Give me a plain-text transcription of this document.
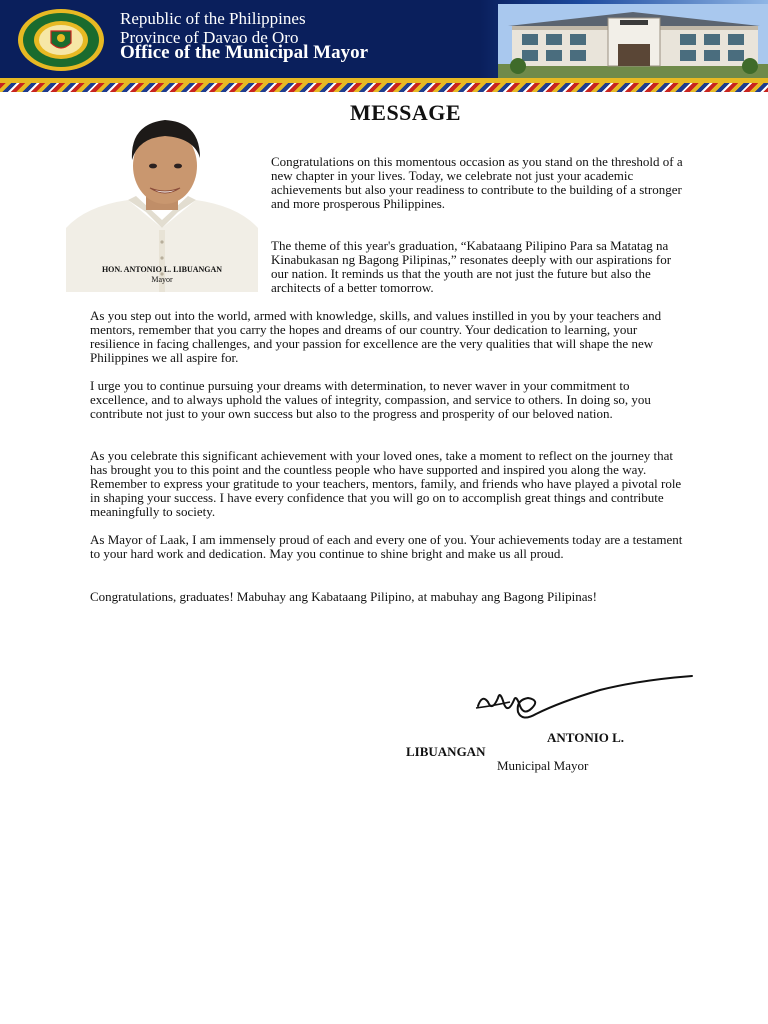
Republic of the Philippines
Province of Davao de Oro
Office of the Municipal Mayor
MESSAGE
HON. ANTONIO L. LIBUANGAN
Mayor

Congratulations on this momentous occasion as you stand on the threshold of a new chapter in your lives. Today, we celebrate not just your academic achievements but also your readiness to contribute to the building of a stronger and more prosperous Philippines.

The theme of this year's graduation, “Kabataang Pilipino Para sa Matatag na Kinabukasan ng Bagong Pilipinas,” resonates deeply with our aspirations for our nation. It reminds us that the youth are not just the future but also the architects of a better tomorrow.

As you step out into the world, armed with knowledge, skills, and values instilled in you by your teachers and mentors, remember that you carry the hopes and dreams of our country. Your dedication to learning, your resilience in facing challenges, and your passion for excellence are the very qualities that will shape the new Philippines we all aspire for.

I urge you to continue pursuing your dreams with determination, to never waver in your commitment to excellence, and to always uphold the values of integrity, compassion, and service to others. In doing so, you contribute not just to your own success but also to the progress and prosperity of our beloved nation.

As you celebrate this significant achievement with your loved ones, take a moment to reflect on the journey that has brought you to this point and the countless people who have supported and inspired you along the way. Remember to express your gratitude to your teachers, mentors, family, and friends who have played a pivotal role in shaping your success. I have every confidence that you will go on to accomplish great things and contribute meaningfully to society.

As Mayor of Laak, I am immensely proud of each and every one of you. Your achievements today are a testament to your hard work and dedication. May you continue to shine bright and make us all proud.

Congratulations, graduates! Mabuhay ang Kabataang Pilipino, at mabuhay ang Bagong Pilipinas!

ANTONIO L.
LIBUANGAN
Municipal Mayor
